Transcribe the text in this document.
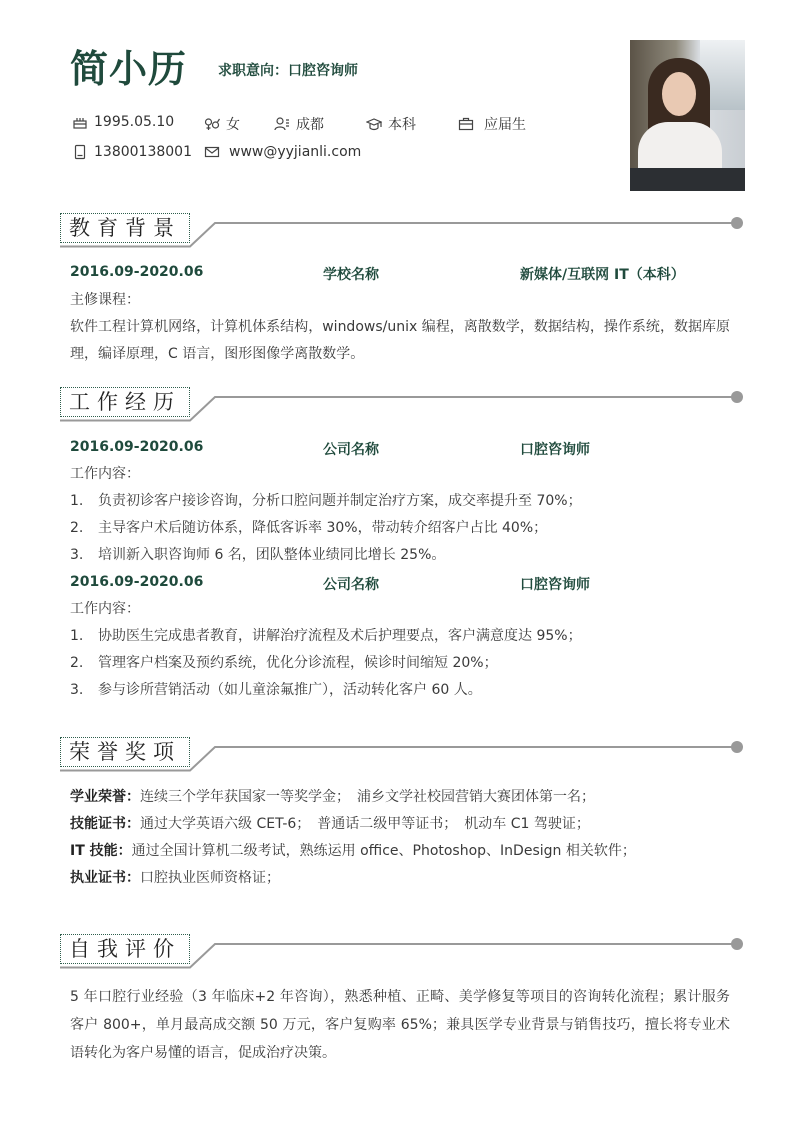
简小历 求职意向：口腔咨询师
1995.05.10	女	成都	本科	应届生
13800138001	www@yyjianli.com
教育背景
2016.09-2020.06	学校名称	新媒体/互联网 IT（本科）

主修课程：

软件工程计算机网络，计算机体系结构，windows/unix 编程，离散数学，数据结构，操作系统，数据库原理，编译原理，C 语言，图形图像学离散数学。

工作经历
2016.09-2020.06	公司名称	口腔咨询师

工作内容：

1.	负责初诊客户接诊咨询，分析口腔问题并制定治疗方案，成交率提升至 70%；

2.	主导客户术后随访体系，降低客诉率 30%，带动转介绍客户占比 40%；

3.	培训新入职咨询师 6 名，团队整体业绩同比增长 25%。

2016.09-2020.06	公司名称	口腔咨询师

工作内容：

1.	协助医生完成患者教育，讲解治疗流程及术后护理要点，客户满意度达 95%；

2.	管理客户档案及预约系统，优化分诊流程，候诊时间缩短 20%；

3.	参与诊所营销活动（如儿童涂氟推广），活动转化客户 60 人。

荣誉奖项

学业荣誉：连续三个学年获国家一等奖学金；　浦乡文学社校园营销大赛团体第一名；

技能证书：通过大学英语六级 CET-6；　普通话二级甲等证书；　机动车 C1 驾驶证；

IT 技能：通过全国计算机二级考试，熟练运用 office、Photoshop、InDesign 相关软件；

执业证书：口腔执业医师资格证；

自我评价
5 年口腔行业经验（3 年临床+2 年咨询），熟悉种植、正畸、美学修复等项目的咨询转化流程；累计服务客户 800+，单月最高成交额 50 万元，客户复购率 65%；兼具医学专业背景与销售技巧，擅长将专业术语转化为客户易懂的语言，促成治疗决策。
